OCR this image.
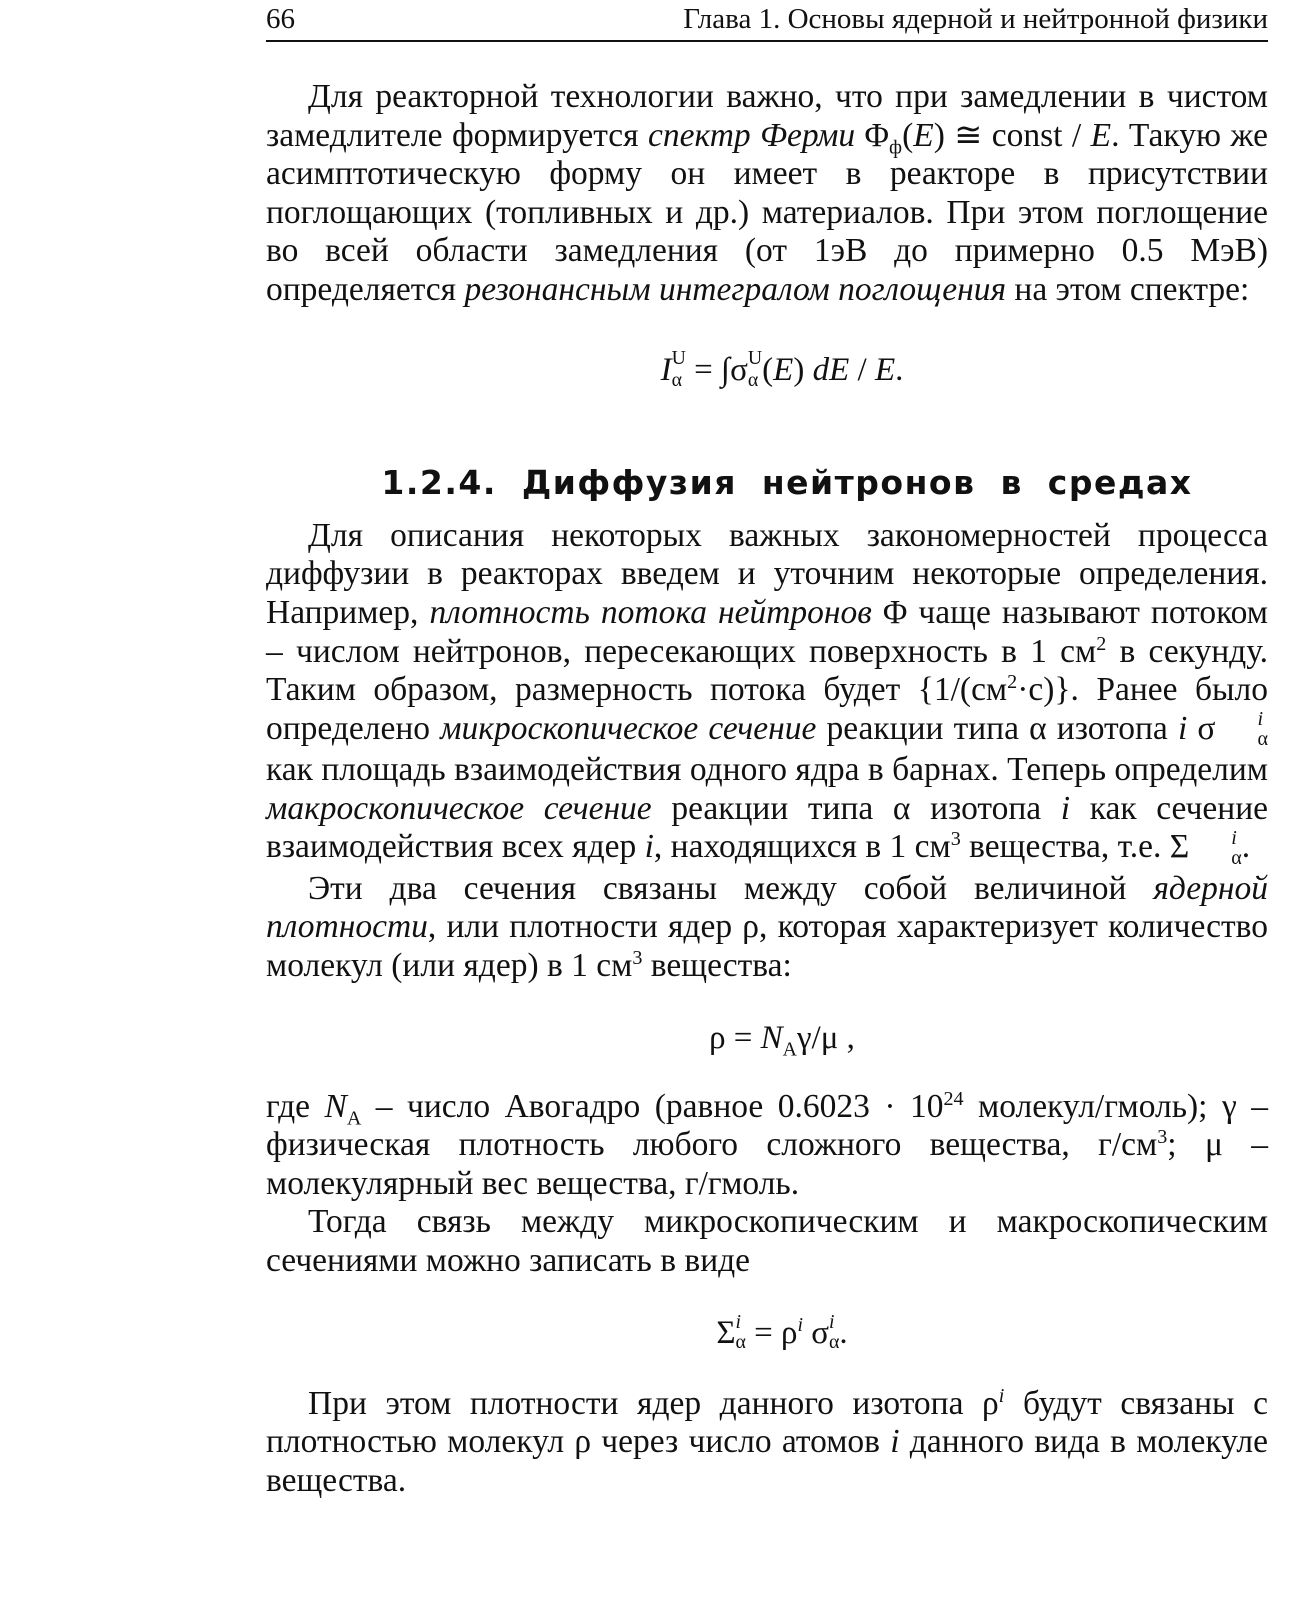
66	Глава 1. Основы ядерной и нейтронной физики

Для реакторной технологии важно, что при замедлении в чистом замедлителе формируется спектр Ферми $\Phi_ф(E)$ ≅ const / E. Такую же асимптотическую форму он имеет в реакторе в присутствии поглощающих (топливных и др.) материалов. При этом поглощение во всей области замедления (от 1эВ до примерно 0.5 МэВ) определяется резонансным интегралом поглощения на этом спектре:

I U
α = ∫σ U
α (E) dE / E.

1.2.4. Диффузия нейтронов в средах

Для описания некоторых важных закономерностей процесса диффузии в реакторах введем и уточним некоторые определения. Например, плотность потока нейтронов Φ чаще называют потоком – числом нейтронов, пересекающих поверхность в 1 $см^2$ в секунду. Таким образом, размерность потока будет $\{1/(см^2\cdot с)\}$. Ранее было определено микроскопическое сечение реакции типа α изотопа i σ i
α
как площадь взаимодействия одного ядра в барнах. Теперь определим макроскопическое сечение реакции типа α изотопа i как сечение взаимодействия всех ядер i, находящихся в 1 $см^3$ вещества, т.е. Σ i
α .

Эти два сечения связаны между собой величиной ядерной плотности, или плотности ядер ρ, которая характеризует количество молекул (или ядер) в 1 $см^3$ вещества:

$\rho = N_A\gamma/\mu$ ,

где $N_A$ – число Авогадро (равное $0.6023 \cdot 10^{24}$ молекул/гмоль); γ – физическая плотность любого сложного вещества, $г/см^3$; μ – молекулярный вес вещества, г/гмоль.

Тогда связь между микроскопическим и макроскопическим сечениями можно записать в виде

Σi
$\alpha = \rho^i$ σi
α .

При этом плотности ядер данного изотопа $\rho^i$ будут связаны с плотностью молекул ρ через число атомов i данного вида в молекуле вещества.
